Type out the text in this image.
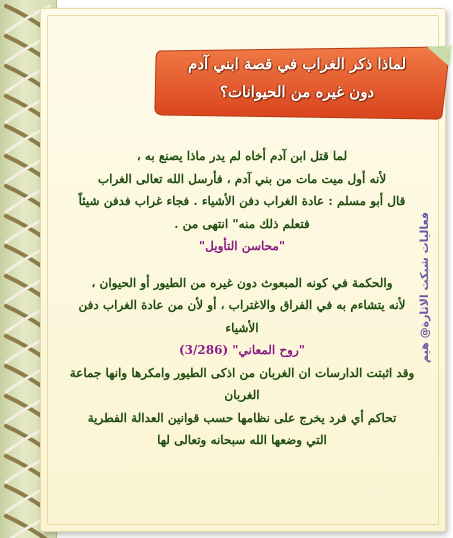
لماذا ذكر الغراب في قصة ابني آدم
دون غيره من الحيوانات؟
فعاليات شبكت الاثارة@ هيم

لما قتل ابن آدم أخاه لم يدر ماذا يصنع به ،

لأنه أول ميت مات من بني آدم ، فأرسل الله تعالى الغراب

قال أبو مسلم : عادة الغراب دفن الأشياء . فجاء غراب فدفن شيئاً

فتعلم ذلك منه" انتهى من .

"محاسن التأويل"

والحكمة في كونه المبعوث دون غيره من الطيور أو الحيوان ،

لأنه يتشاءم به في الفراق والاغتراب ، أو لأن من عادة الغراب دفن الأشياء

"روح المعاني" (3/286)

وقد اثبتت الدارسات ان الغربان من اذكى الطيور وامكرها وانها جماعة الغربان

تحاكم أي فرد يخرج على نظامها حسب قوانين العدالة الفطرية

التي وضعها الله سبحانه وتعالى لها
